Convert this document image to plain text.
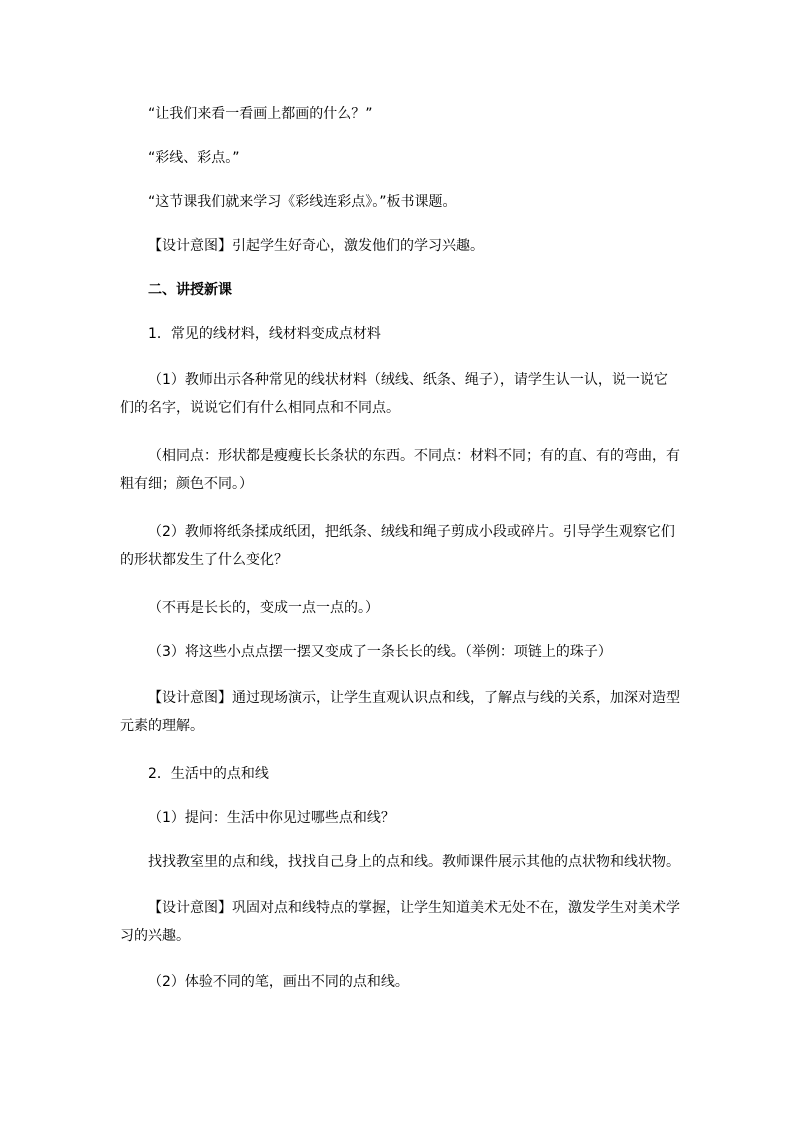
“让我们来看一看画上都画的什么？”

“彩线、彩点。”

“这节课我们就来学习《彩线连彩点》。”板书课题。

【设计意图】引起学生好奇心，激发他们的学习兴趣。

二、讲授新课

1．常见的线材料，线材料变成点材料

（1）教师出示各种常见的线状材料（绒线、纸条、绳子），请学生认一认，说一说它们的名字，说说它们有什么相同点和不同点。

（相同点：形状都是瘦瘦长长条状的东西。不同点：材料不同；有的直、有的弯曲，有粗有细；颜色不同。）

（2）教师将纸条揉成纸团，把纸条、绒线和绳子剪成小段或碎片。引导学生观察它们的形状都发生了什么变化？

（不再是长长的，变成一点一点的。）

（3）将这些小点点摆一摆又变成了一条长长的线。（举例：项链上的珠子）

【设计意图】通过现场演示，让学生直观认识点和线，了解点与线的关系，加深对造型元素的理解。

2．生活中的点和线

（1）提问：生活中你见过哪些点和线？

找找教室里的点和线，找找自己身上的点和线。教师课件展示其他的点状物和线状物。

【设计意图】巩固对点和线特点的掌握，让学生知道美术无处不在，激发学生对美术学习的兴趣。

（2）体验不同的笔，画出不同的点和线。
